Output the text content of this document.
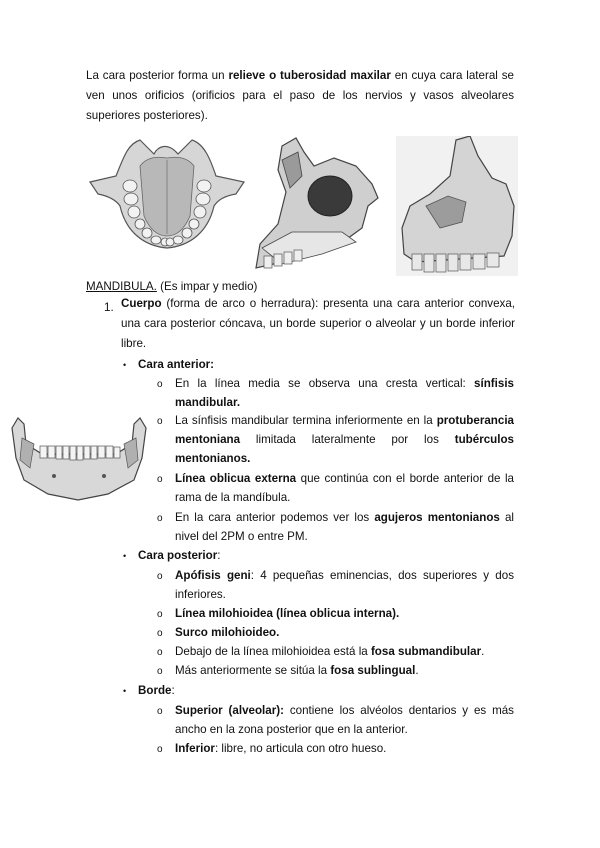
La cara posterior forma un relieve o tuberosidad maxilar en cuya cara lateral se ven unos orificios (orificios para el paso de los nervios y vasos alveolares superiores posteriores).
MANDIBULA. (Es impar y medio)
1. Cuerpo (forma de arco o herradura): presenta una cara anterior convexa, una cara posterior cóncava, un borde superior o alveolar y un borde inferior libre.
• Cara anterior:
o En la línea media se observa una cresta vertical: sínfisis mandibular.
o La sínfisis mandibular termina inferiormente en la protuberancia mentoniana limitada lateralmente por los tubérculos mentonianos.
o Línea oblicua externa que continúa con el borde anterior de la rama de la mandíbula.
o En la cara anterior podemos ver los agujeros mentonianos al nivel del 2PM o entre PM.
• Cara posterior:
o Apófisis geni: 4 pequeñas eminencias, dos superiores y dos inferiores.
o Línea milohioidea (línea oblicua interna).
o Surco milohioideo.
o Debajo de la línea milohioidea está la fosa submandibular.
o Más anteriormente se sitúa la fosa sublingual.
• Borde:
o Superior (alveolar): contiene los alvéolos dentarios y es más ancho en la zona posterior que en la anterior.
o Inferior: libre, no articula con otro hueso.
